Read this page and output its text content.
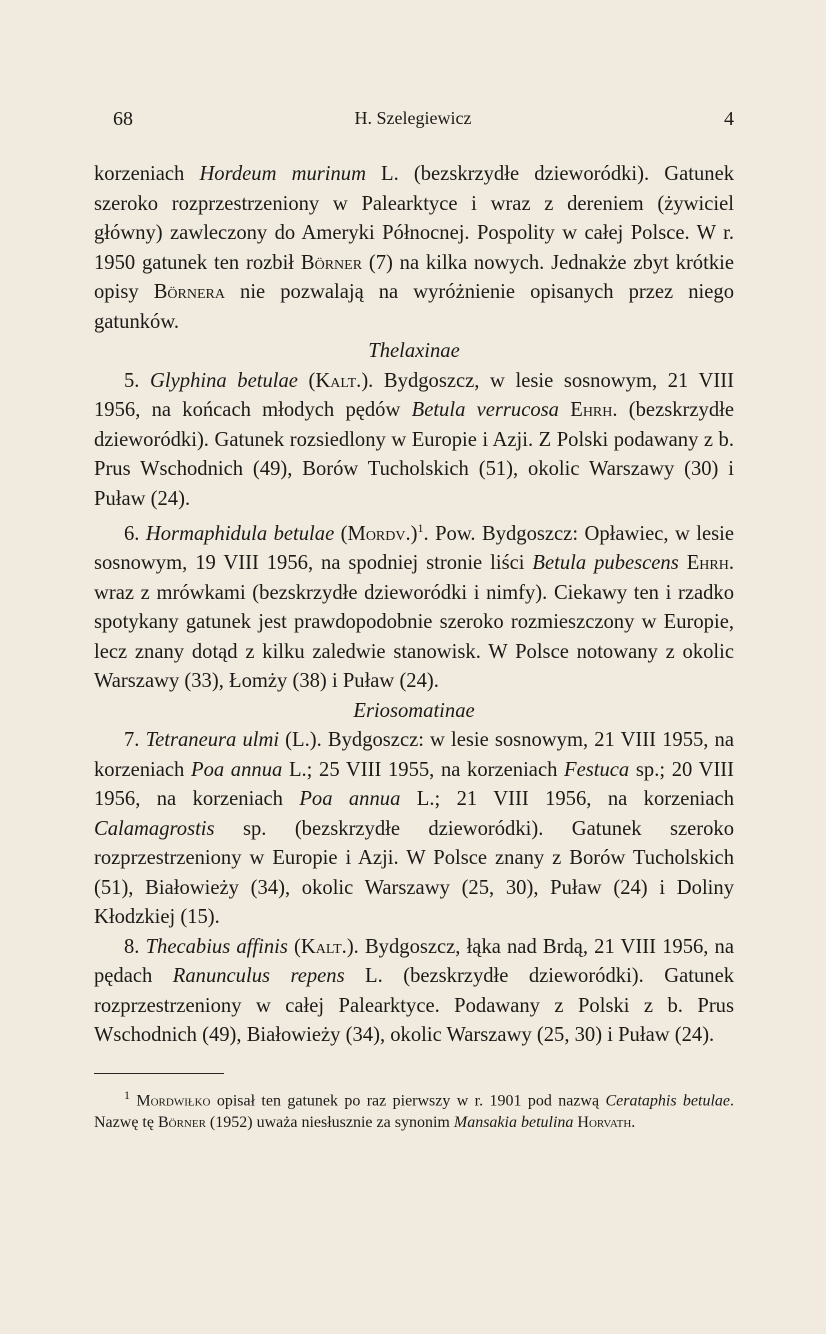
68	H. Szelegiewicz	4

korzeniach Hordeum murinum L. (bezskrzydłe dzieworódki). Gatunek szeroko rozprzestrzeniony w Palearktyce i wraz z dereniem (żywiciel główny) zawleczony do Ameryki Północnej. Pospolity w całej Polsce. W r. 1950 gatunek ten rozbił Börner (7) na kilka nowych. Jednakże zbyt krótkie opisy Börnera nie pozwalają na wyróżnienie opisanych przez niego gatunków.

Thelaxinae

5. Glyphina betulae (Kalt.). Bydgoszcz, w lesie sosnowym, 21 VIII 1956, na końcach młodych pędów Betula verrucosa Ehrh. (bezskrzydłe dzieworódki). Gatunek rozsiedlony w Europie i Azji. Z Polski podawany z b. Prus Wschodnich (49), Borów Tucholskich (51), okolic Warszawy (30) i Puław (24).

6. Hormaphidula betulae (Mordv.)$^1$. Pow. Bydgoszcz: Opławiec, w lesie sosnowym, 19 VIII 1956, na spodniej stronie liści Betula pubescens Ehrh. wraz z mrówkami (bezskrzydłe dzieworódki i nimfy). Ciekawy ten i rzadko spotykany gatunek jest prawdopodobnie szeroko rozmieszczony w Europie, lecz znany dotąd z kilku zaledwie stanowisk. W Polsce notowany z okolic Warszawy (33), Łomży (38) i Puław (24).

Eriosomatinae

7. Tetraneura ulmi (L.). Bydgoszcz: w lesie sosnowym, 21 VIII 1955, na korzeniach Poa annua L.; 25 VIII 1955, na korzeniach Festuca sp.; 20 VIII 1956, na korzeniach Poa annua L.; 21 VIII 1956, na korzeniach Calamagrostis sp. (bezskrzydłe dzieworódki). Gatunek szeroko rozprzestrzeniony w Europie i Azji. W Polsce znany z Borów Tucholskich (51), Białowieży (34), okolic Warszawy (25, 30), Puław (24) i Doliny Kłodzkiej (15).

8. Thecabius affinis (Kalt.). Bydgoszcz, łąka nad Brdą, 21 VIII 1956, na pędach Ranunculus repens L. (bezskrzydłe dzieworódki). Gatunek rozprzestrzeniony w całej Palearktyce. Podawany z Polski z b. Prus Wschodnich (49), Białowieży (34), okolic Warszawy (25, 30) i Puław (24).

$^1$ Mordwiłko opisał ten gatunek po raz pierwszy w r. 1901 pod nazwą Cerataphis betulae. Nazwę tę Börner (1952) uważa niesłusznie za synonim Mansakia betulina Horvath.
